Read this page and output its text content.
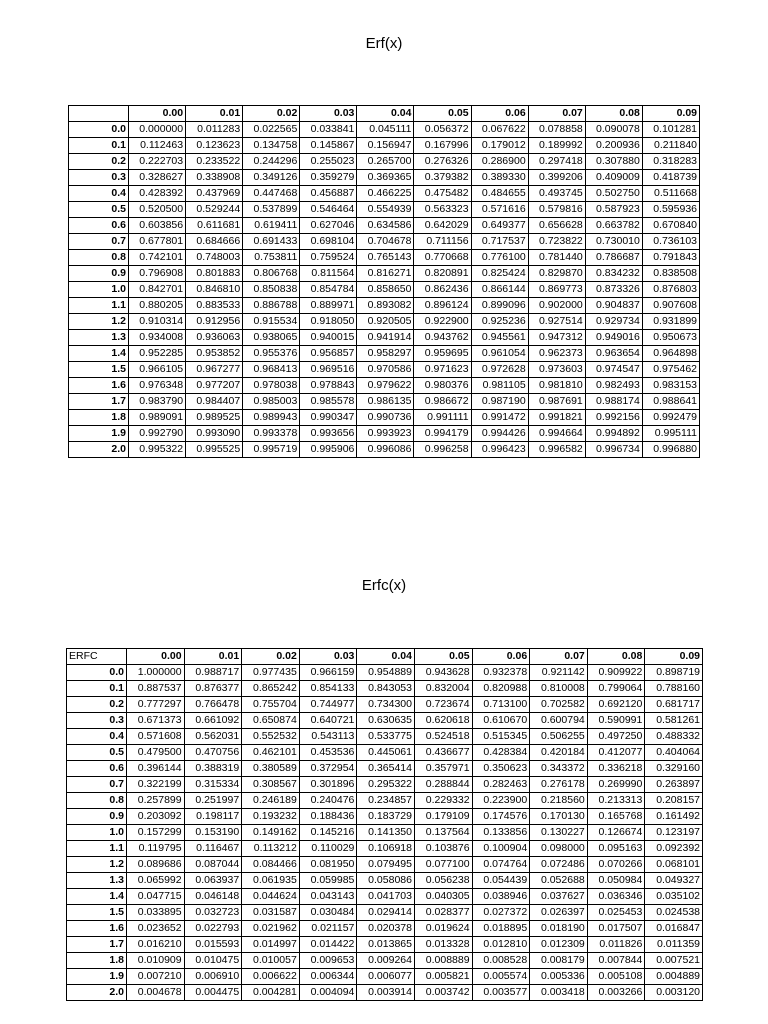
Erf(x)
	0.00	0.01	0.02	0.03	0.04	0.05	0.06	0.07	0.08	0.09
0.0	0.000000	0.011283	0.022565	0.033841	0.045111	0.056372	0.067622	0.078858	0.090078	0.101281
0.1	0.112463	0.123623	0.134758	0.145867	0.156947	0.167996	0.179012	0.189992	0.200936	0.211840
0.2	0.222703	0.233522	0.244296	0.255023	0.265700	0.276326	0.286900	0.297418	0.307880	0.318283
0.3	0.328627	0.338908	0.349126	0.359279	0.369365	0.379382	0.389330	0.399206	0.409009	0.418739
0.4	0.428392	0.437969	0.447468	0.456887	0.466225	0.475482	0.484655	0.493745	0.502750	0.511668
0.5	0.520500	0.529244	0.537899	0.546464	0.554939	0.563323	0.571616	0.579816	0.587923	0.595936
0.6	0.603856	0.611681	0.619411	0.627046	0.634586	0.642029	0.649377	0.656628	0.663782	0.670840
0.7	0.677801	0.684666	0.691433	0.698104	0.704678	0.711156	0.717537	0.723822	0.730010	0.736103
0.8	0.742101	0.748003	0.753811	0.759524	0.765143	0.770668	0.776100	0.781440	0.786687	0.791843
0.9	0.796908	0.801883	0.806768	0.811564	0.816271	0.820891	0.825424	0.829870	0.834232	0.838508
1.0	0.842701	0.846810	0.850838	0.854784	0.858650	0.862436	0.866144	0.869773	0.873326	0.876803
1.1	0.880205	0.883533	0.886788	0.889971	0.893082	0.896124	0.899096	0.902000	0.904837	0.907608
1.2	0.910314	0.912956	0.915534	0.918050	0.920505	0.922900	0.925236	0.927514	0.929734	0.931899
1.3	0.934008	0.936063	0.938065	0.940015	0.941914	0.943762	0.945561	0.947312	0.949016	0.950673
1.4	0.952285	0.953852	0.955376	0.956857	0.958297	0.959695	0.961054	0.962373	0.963654	0.964898
1.5	0.966105	0.967277	0.968413	0.969516	0.970586	0.971623	0.972628	0.973603	0.974547	0.975462
1.6	0.976348	0.977207	0.978038	0.978843	0.979622	0.980376	0.981105	0.981810	0.982493	0.983153
1.7	0.983790	0.984407	0.985003	0.985578	0.986135	0.986672	0.987190	0.987691	0.988174	0.988641
1.8	0.989091	0.989525	0.989943	0.990347	0.990736	0.991111	0.991472	0.991821	0.992156	0.992479
1.9	0.992790	0.993090	0.993378	0.993656	0.993923	0.994179	0.994426	0.994664	0.994892	0.995111
2.0	0.995322	0.995525	0.995719	0.995906	0.996086	0.996258	0.996423	0.996582	0.996734	0.996880
Erfc(x)
ERFC	0.00	0.01	0.02	0.03	0.04	0.05	0.06	0.07	0.08	0.09
0.0	1.000000	0.988717	0.977435	0.966159	0.954889	0.943628	0.932378	0.921142	0.909922	0.898719
0.1	0.887537	0.876377	0.865242	0.854133	0.843053	0.832004	0.820988	0.810008	0.799064	0.788160
0.2	0.777297	0.766478	0.755704	0.744977	0.734300	0.723674	0.713100	0.702582	0.692120	0.681717
0.3	0.671373	0.661092	0.650874	0.640721	0.630635	0.620618	0.610670	0.600794	0.590991	0.581261
0.4	0.571608	0.562031	0.552532	0.543113	0.533775	0.524518	0.515345	0.506255	0.497250	0.488332
0.5	0.479500	0.470756	0.462101	0.453536	0.445061	0.436677	0.428384	0.420184	0.412077	0.404064
0.6	0.396144	0.388319	0.380589	0.372954	0.365414	0.357971	0.350623	0.343372	0.336218	0.329160
0.7	0.322199	0.315334	0.308567	0.301896	0.295322	0.288844	0.282463	0.276178	0.269990	0.263897
0.8	0.257899	0.251997	0.246189	0.240476	0.234857	0.229332	0.223900	0.218560	0.213313	0.208157
0.9	0.203092	0.198117	0.193232	0.188436	0.183729	0.179109	0.174576	0.170130	0.165768	0.161492
1.0	0.157299	0.153190	0.149162	0.145216	0.141350	0.137564	0.133856	0.130227	0.126674	0.123197
1.1	0.119795	0.116467	0.113212	0.110029	0.106918	0.103876	0.100904	0.098000	0.095163	0.092392
1.2	0.089686	0.087044	0.084466	0.081950	0.079495	0.077100	0.074764	0.072486	0.070266	0.068101
1.3	0.065992	0.063937	0.061935	0.059985	0.058086	0.056238	0.054439	0.052688	0.050984	0.049327
1.4	0.047715	0.046148	0.044624	0.043143	0.041703	0.040305	0.038946	0.037627	0.036346	0.035102
1.5	0.033895	0.032723	0.031587	0.030484	0.029414	0.028377	0.027372	0.026397	0.025453	0.024538
1.6	0.023652	0.022793	0.021962	0.021157	0.020378	0.019624	0.018895	0.018190	0.017507	0.016847
1.7	0.016210	0.015593	0.014997	0.014422	0.013865	0.013328	0.012810	0.012309	0.011826	0.011359
1.8	0.010909	0.010475	0.010057	0.009653	0.009264	0.008889	0.008528	0.008179	0.007844	0.007521
1.9	0.007210	0.006910	0.006622	0.006344	0.006077	0.005821	0.005574	0.005336	0.005108	0.004889
2.0	0.004678	0.004475	0.004281	0.004094	0.003914	0.003742	0.003577	0.003418	0.003266	0.003120
